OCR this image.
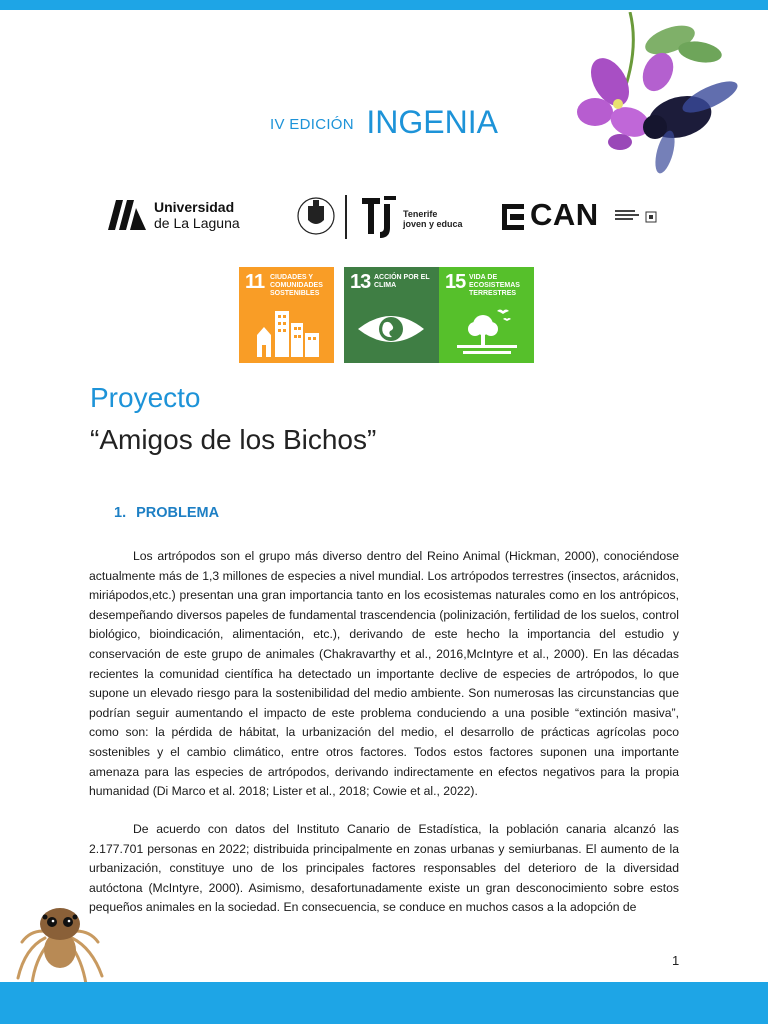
IV EDICIÓN INGENIA
Universidad
de La Laguna
Tenerife
joven y educa CAN
11 CIUDADES Y COMUNIDADES SOSTENIBLES
13 ACCIÓN POR EL CLIMA	15 VIDA DE ECOSISTEMAS TERRESTRES
Proyecto
“Amigos de los Bichos”
1. PROBLEMA

Los artrópodos son el grupo más diverso dentro del Reino Animal (Hickman, 2000), conociéndose actualmente más de 1,3 millones de especies a nivel mundial. Los artrópodos terrestres (insectos, arácnidos, miriápodos,etc.) presentan una gran importancia tanto en los ecosistemas naturales como en los antrópicos, desempeñando diversos papeles de fundamental trascendencia (polinización, fertilidad de los suelos, control biológico, bioindicación, alimentación, etc.), derivando de este hecho la importancia del estudio y conservación de este grupo de animales (Chakravarthy et al., 2016,McIntyre et al., 2000). En las décadas recientes la comunidad científica ha detectado un importante declive de especies de artrópodos, lo que supone un elevado riesgo para la sostenibilidad del medio ambiente. Son numerosas las circunstancias que podrían seguir aumentando el impacto de este problema conduciendo a una posible “extinción masiva”, como son: la pérdida de hábitat, la urbanización del medio, el desarrollo de prácticas agrícolas poco sostenibles y el cambio climático, entre otros factores. Todos estos factores suponen una importante amenaza para las especies de artrópodos, derivando indirectamente en efectos negativos para la propia humanidad (Di Marco et al. 2018; Lister et al., 2018; Cowie et al., 2022).

De acuerdo con datos del Instituto Canario de Estadística, la población canaria alcanzó las 2.177.701 personas en 2022; distribuida principalmente en zonas urbanas y semiurbanas. El aumento de la urbanización, constituye uno de los principales factores responsables del deterioro de la diversidad autóctona (McIntyre, 2000). Asimismo, desafortunadamente existe un gran desconocimiento sobre estos pequeños animales en la sociedad. En consecuencia, se conduce en muchos casos a la adopción de

1
